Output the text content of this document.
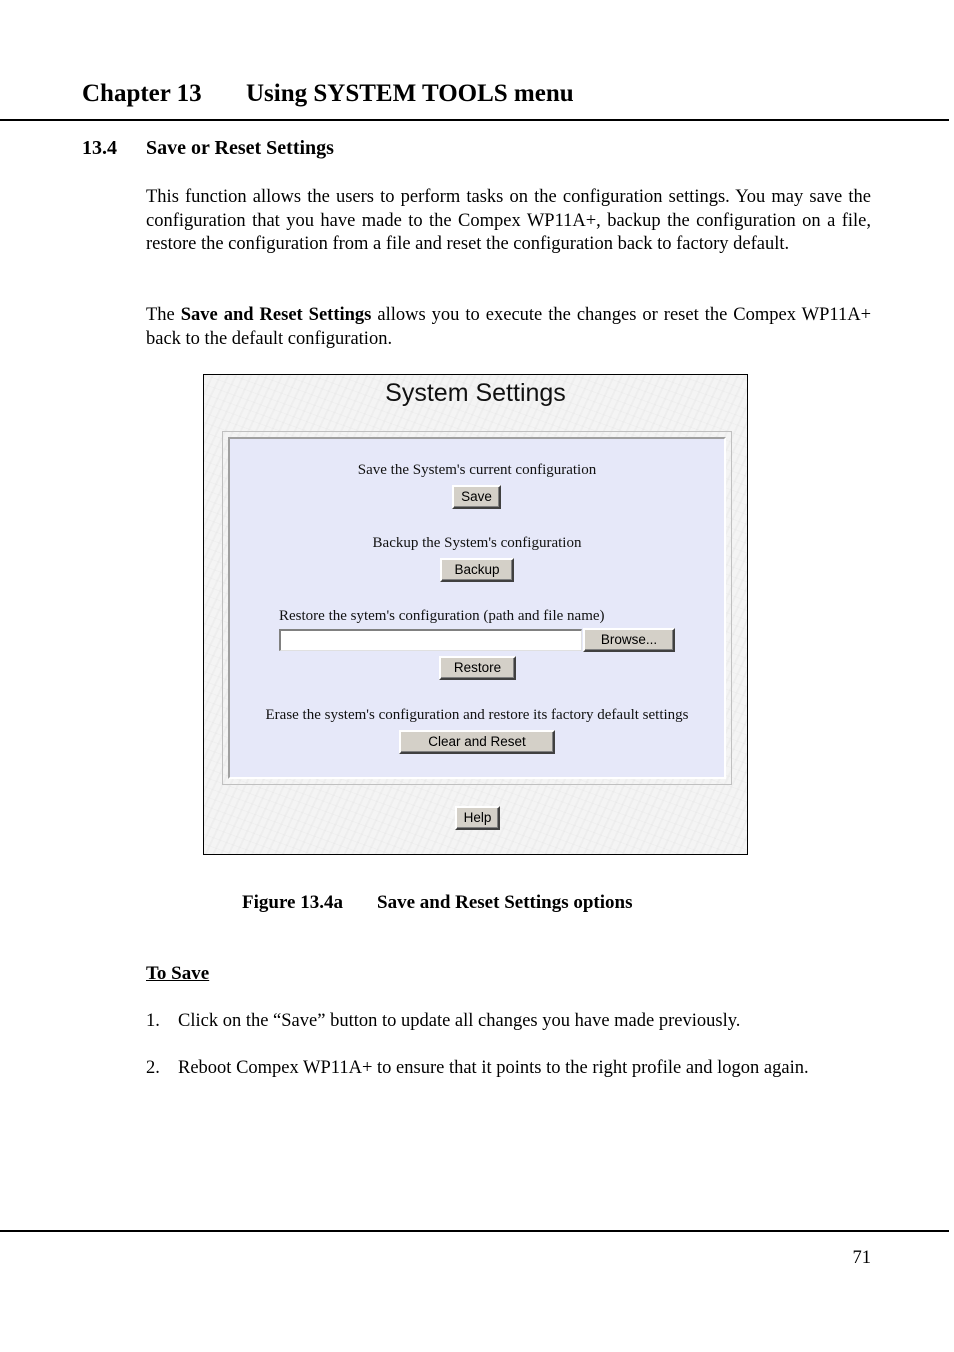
Chapter 13 Using SYSTEM TOOLS menu
13.4 Save or Reset Settings
This function allows the users to perform tasks on the configuration settings. You may save the configuration that you have made to the Compex WP11A+, backup the configuration on a file, restore the configuration from a file and reset the configuration back to factory default.
The Save and Reset Settings allows you to execute the changes or reset the Compex WP11A+ back to the default configuration.
System Settings
Save the System's current configuration
Save
Backup the System's configuration
Backup
Restore the sytem's configuration (path and file name)
Browse...
Restore
Erase the system's configuration and restore its factory default settings
Clear and Reset
Help
Figure 13.4a Save and Reset Settings options
To Save
1. Click on the “Save” button to update all changes you have made previously.
2. Reboot Compex WP11A+ to ensure that it points to the right profile and logon again.
71
